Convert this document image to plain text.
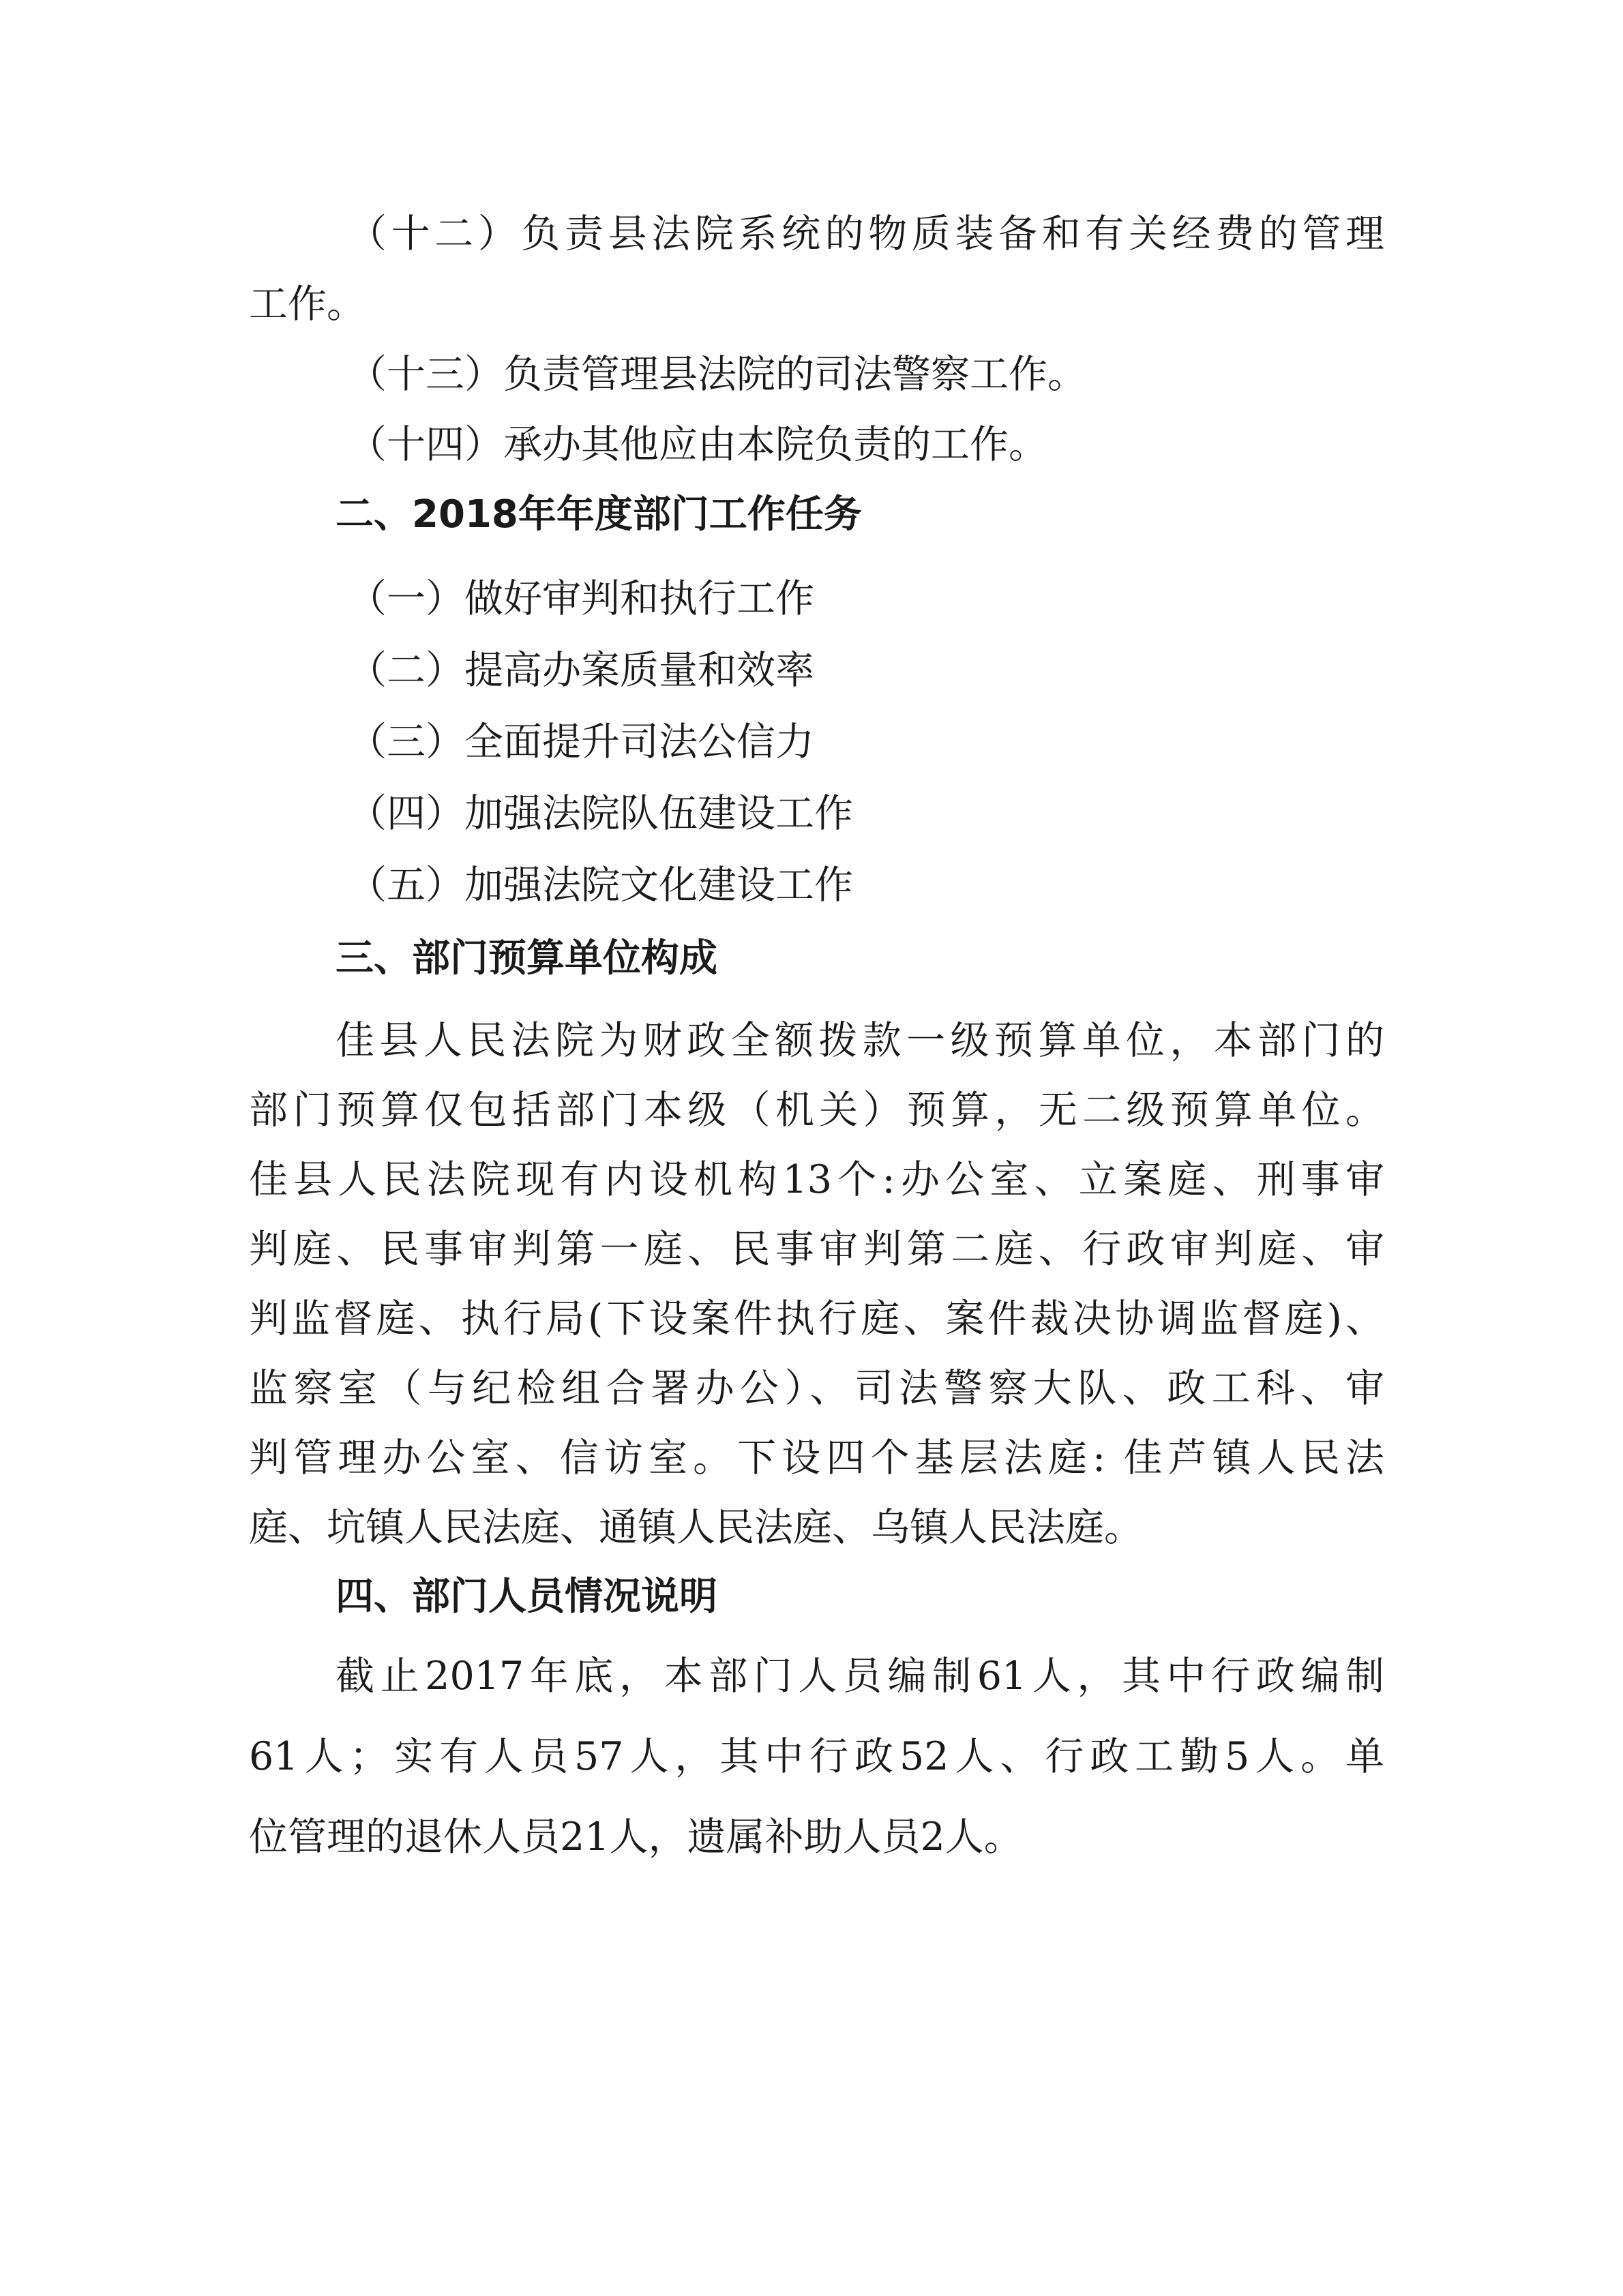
（十二）负责县法院系统的物质装备和有关经费的管理
工作。
（十三）负责管理县法院的司法警察工作。
（十四）承办其他应由本院负责的工作。
二、2018年年度部门工作任务
（一）做好审判和执行工作
（二）提高办案质量和效率
（三）全面提升司法公信力
（四）加强法院队伍建设工作
（五）加强法院文化建设工作
三、部门预算单位构成
佳县人民法院为财政全额拨款一级预算单位，本部门的
部门预算仅包括部门本级（机关）预算，无二级预算单位。
佳县人民法院现有内设机构13个:办公室、立案庭、刑事审
判庭、民事审判第一庭、民事审判第二庭、行政审判庭、审
判监督庭、执行局(下设案件执行庭、案件裁决协调监督庭)、
监察室（与纪检组合署办公）、司法警察大队、政工科、审
判管理办公室、信访室。下设四个基层法庭: 佳芦镇人民法
庭、坑镇人民法庭、通镇人民法庭、乌镇人民法庭。
四、部门人员情况说明
截止2017年底，本部门人员编制61人，其中行政编制
61人；实有人员57人，其中行政52人、行政工勤5人。单
位管理的退休人员21人，遗属补助人员2人。
